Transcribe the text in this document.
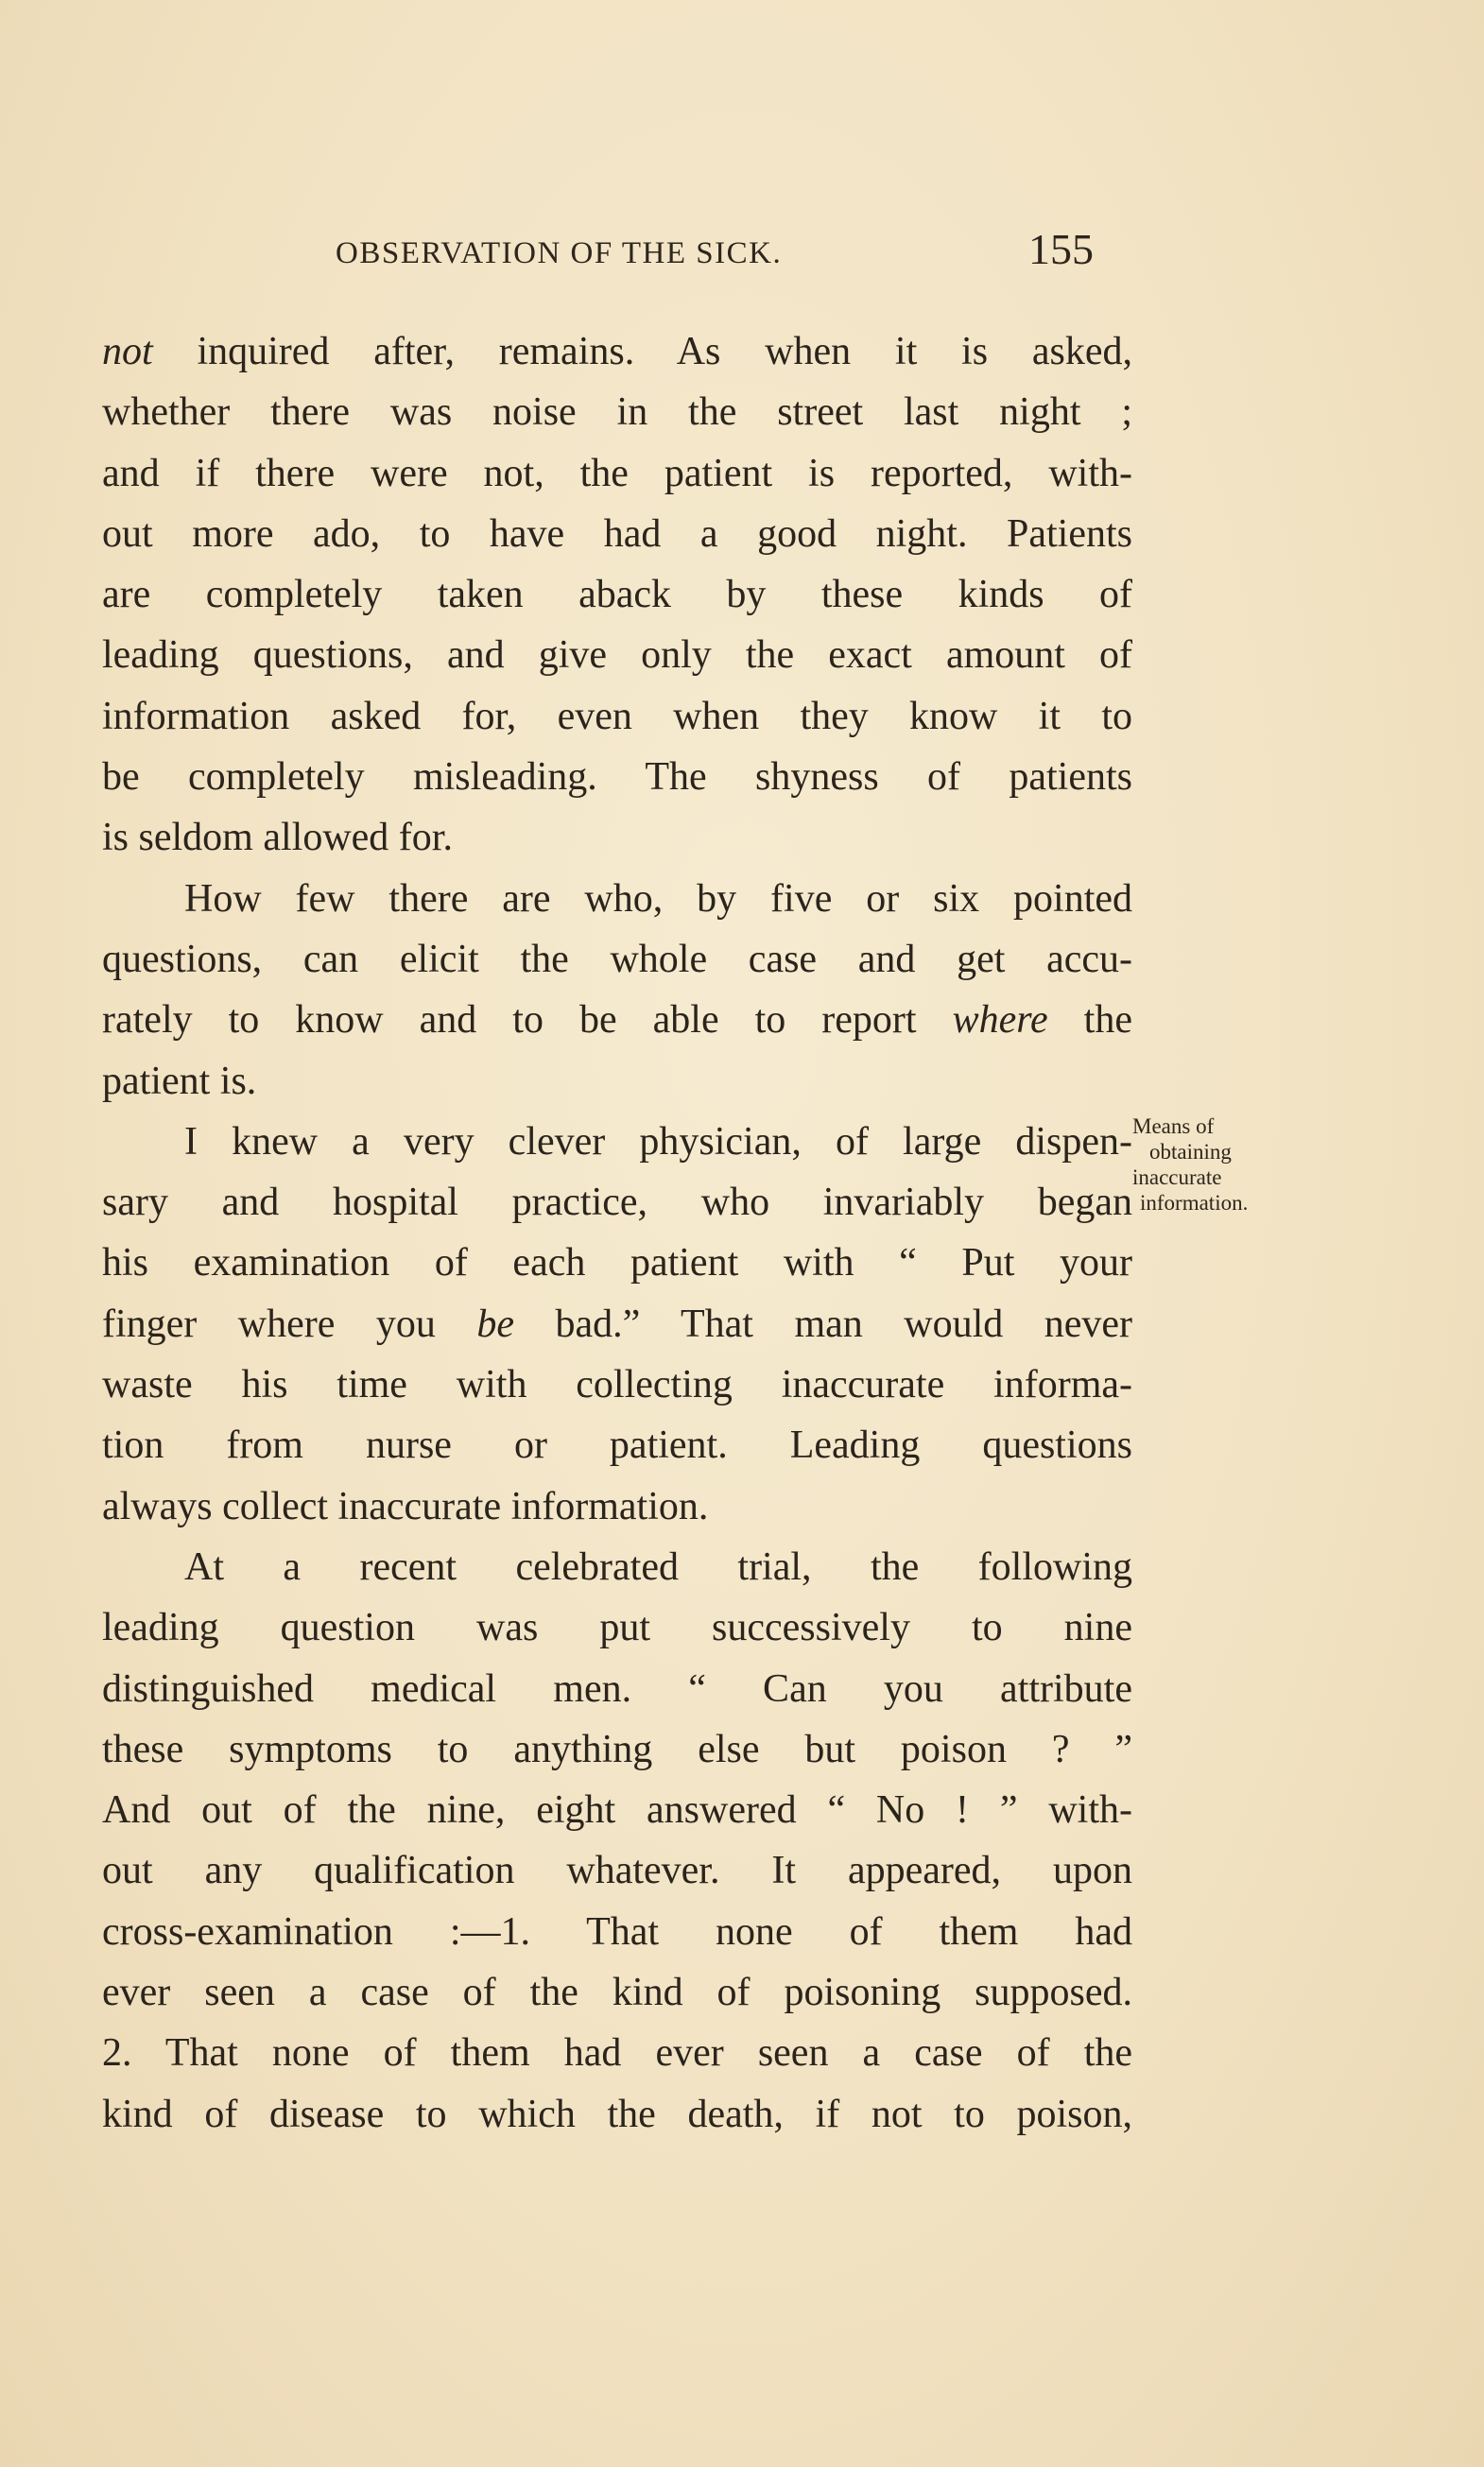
OBSERVATION OF THE SICK.	155
not inquired after, remains. As when it is asked,
whether there was noise in the street last night ;
and if there were not, the patient is reported, with-
out more ado, to have had a good night. Patients
are completely taken aback by these kinds of
leading questions, and give only the exact amount of
information asked for, even when they know it to
be completely misleading. The shyness of patients
is seldom allowed for.
How few there are who, by five or six pointed
questions, can elicit the whole case and get accu-
rately to know and to be able to report where the
patient is.
I knew a very clever physician, of large dispen-
sary and hospital practice, who invariably began
his examination of each patient with “ Put your
finger where you be bad.” That man would never
waste his time with collecting inaccurate informa-
tion from nurse or patient. Leading questions
always collect inaccurate information.
At a recent celebrated trial, the following
leading question was put successively to nine
distinguished medical men. “ Can you attribute
these symptoms to anything else but poison ? ”
And out of the nine, eight answered “ No ! ” with-
out any qualification whatever. It appeared, upon
cross-examination :—1. That none of them had
ever seen a case of the kind of poisoning supposed.
2. That none of them had ever seen a case of the
kind of disease to which the death, if not to poison,
Means of
obtaining
inaccurate
information.
